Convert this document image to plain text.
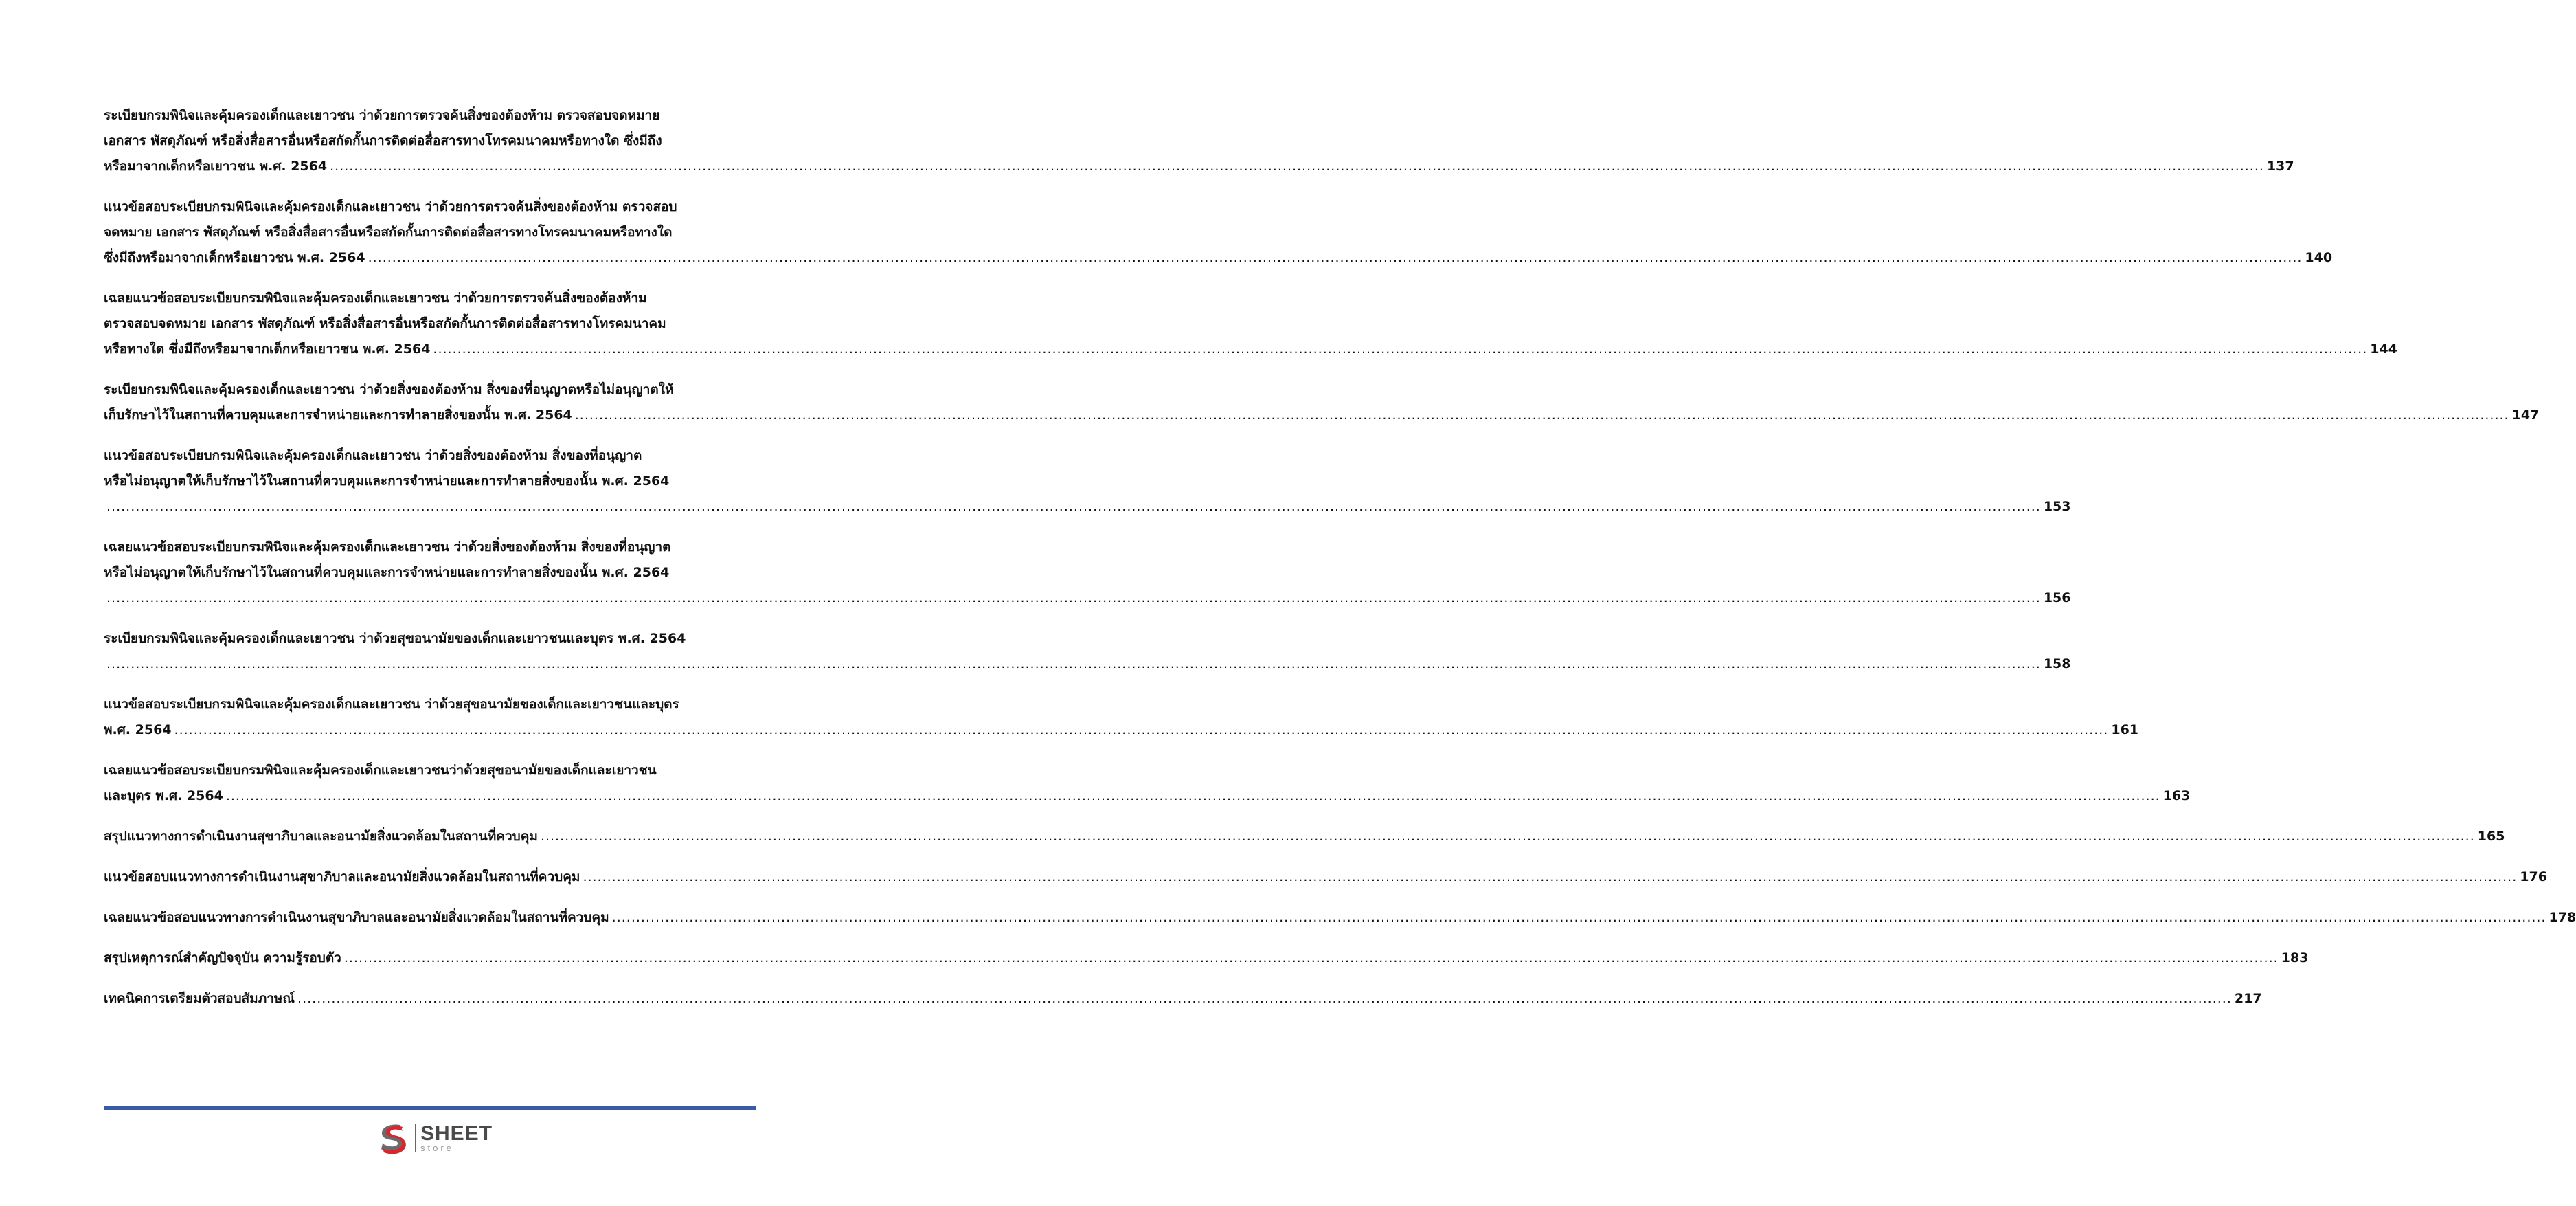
ระเบียบกรมพินิจและคุ้มครองเด็กและเยาวชน ว่าด้วยการตรวจค้นสิ่งของต้องห้าม ตรวจสอบจดหมาย
เอกสาร พัสดุภัณฑ์ หรือสิ่งสื่อสารอื่นหรือสกัดกั้นการติดต่อสื่อสารทางโทรคมนาคมหรือทางใด ซึ่งมีถึง
หรือมาจากเด็กหรือเยาวชน พ.ศ. 2564 ................................................................................................................................................................................................................................................................................................................................................................................................................ 137
แนวข้อสอบระเบียบกรมพินิจและคุ้มครองเด็กและเยาวชน ว่าด้วยการตรวจค้นสิ่งของต้องห้าม ตรวจสอบ
จดหมาย เอกสาร พัสดุภัณฑ์ หรือสิ่งสื่อสารอื่นหรือสกัดกั้นการติดต่อสื่อสารทางโทรคมนาคมหรือทางใด
ซึ่งมีถึงหรือมาจากเด็กหรือเยาวชน พ.ศ. 2564 ................................................................................................................................................................................................................................................................................................................................................................................................................ 140
เฉลยแนวข้อสอบระเบียบกรมพินิจและคุ้มครองเด็กและเยาวชน ว่าด้วยการตรวจค้นสิ่งของต้องห้าม
ตรวจสอบจดหมาย เอกสาร พัสดุภัณฑ์ หรือสิ่งสื่อสารอื่นหรือสกัดกั้นการติดต่อสื่อสารทางโทรคมนาคม
หรือทางใด ซึ่งมีถึงหรือมาจากเด็กหรือเยาวชน พ.ศ. 2564 ................................................................................................................................................................................................................................................................................................................................................................................................................ 144
ระเบียบกรมพินิจและคุ้มครองเด็กและเยาวชน ว่าด้วยสิ่งของต้องห้าม สิ่งของที่อนุญาตหรือไม่อนุญาตให้
เก็บรักษาไว้ในสถานที่ควบคุมและการจำหน่ายและการทำลายสิ่งของนั้น พ.ศ. 2564 ................................................................................................................................................................................................................................................................................................................................................................................................................ 147
แนวข้อสอบระเบียบกรมพินิจและคุ้มครองเด็กและเยาวชน ว่าด้วยสิ่งของต้องห้าม สิ่งของที่อนุญาต
หรือไม่อนุญาตให้เก็บรักษาไว้ในสถานที่ควบคุมและการจำหน่ายและการทำลายสิ่งของนั้น พ.ศ. 2564
................................................................................................................................................................................................................................................................................................................................................................................................................ 153
เฉลยแนวข้อสอบระเบียบกรมพินิจและคุ้มครองเด็กและเยาวชน ว่าด้วยสิ่งของต้องห้าม สิ่งของที่อนุญาต
หรือไม่อนุญาตให้เก็บรักษาไว้ในสถานที่ควบคุมและการจำหน่ายและการทำลายสิ่งของนั้น พ.ศ. 2564
................................................................................................................................................................................................................................................................................................................................................................................................................ 156
ระเบียบกรมพินิจและคุ้มครองเด็กและเยาวชน ว่าด้วยสุขอนามัยของเด็กและเยาวชนและบุตร พ.ศ. 2564
................................................................................................................................................................................................................................................................................................................................................................................................................ 158
แนวข้อสอบระเบียบกรมพินิจและคุ้มครองเด็กและเยาวชน ว่าด้วยสุขอนามัยของเด็กและเยาวชนและบุตร
พ.ศ. 2564 ................................................................................................................................................................................................................................................................................................................................................................................................................ 161
เฉลยแนวข้อสอบระเบียบกรมพินิจและคุ้มครองเด็กและเยาวชนว่าด้วยสุขอนามัยของเด็กและเยาวชน
และบุตร พ.ศ. 2564 ................................................................................................................................................................................................................................................................................................................................................................................................................ 163
สรุปแนวทางการดำเนินงานสุขาภิบาลและอนามัยสิ่งแวดล้อมในสถานที่ควบคุม ................................................................................................................................................................................................................................................................................................................................................................................................................ 165
แนวข้อสอบแนวทางการดำเนินงานสุขาภิบาลและอนามัยสิ่งแวดล้อมในสถานที่ควบคุม ................................................................................................................................................................................................................................................................................................................................................................................................................ 176
เฉลยแนวข้อสอบแนวทางการดำเนินงานสุขาภิบาลและอนามัยสิ่งแวดล้อมในสถานที่ควบคุม ................................................................................................................................................................................................................................................................................................................................................................................................................ 178
สรุปเหตุการณ์สำคัญปัจจุบัน ความรู้รอบตัว ................................................................................................................................................................................................................................................................................................................................................................................................................ 183
เทคนิคการเตรียมตัวสอบสัมภาษณ์ ................................................................................................................................................................................................................................................................................................................................................................................................................ 217
SHEET
store
